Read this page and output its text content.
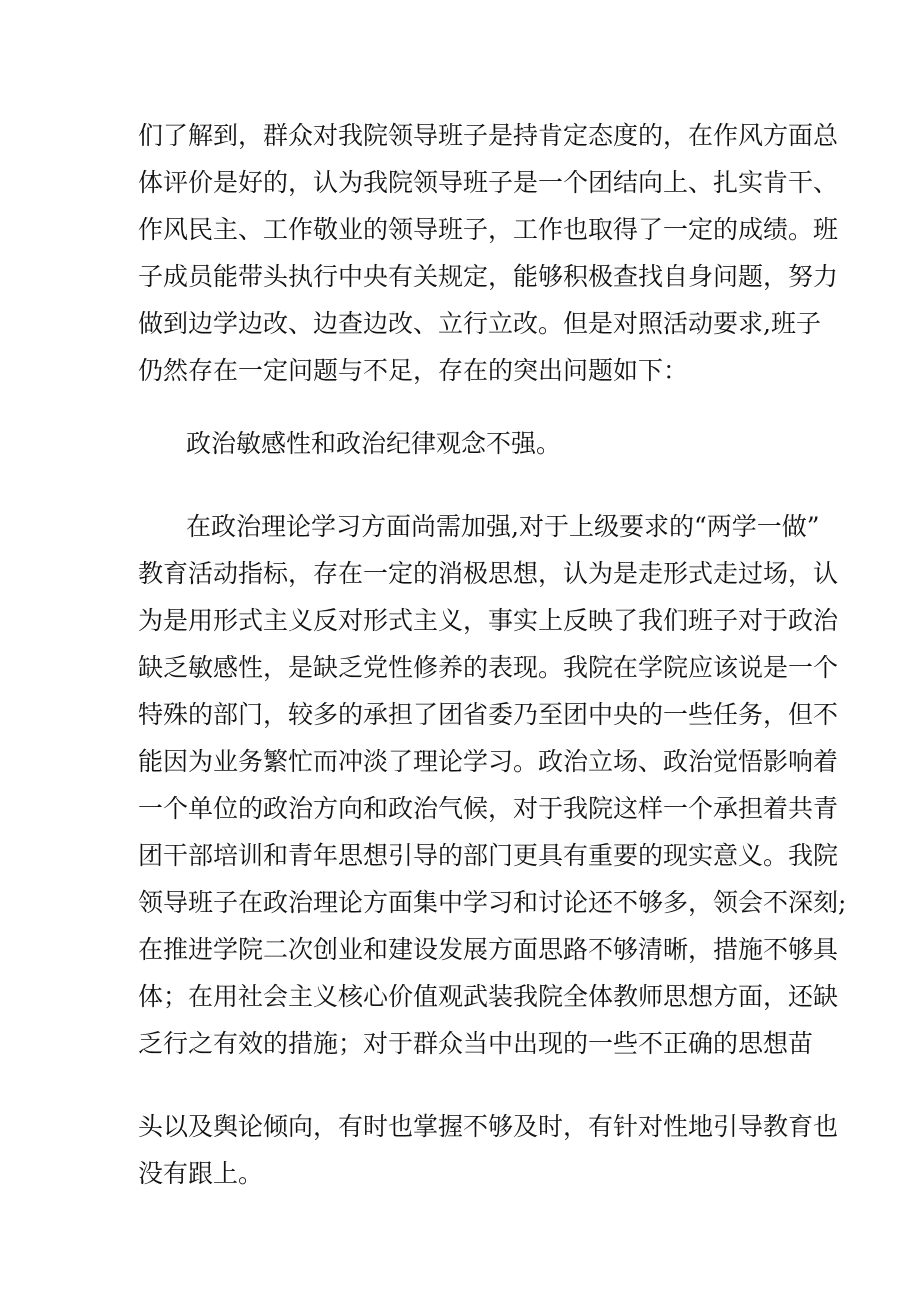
们了解到，群众对我院领导班子是持肯定态度的，在作风方面总
体评价是好的，认为我院领导班子是一个团结向上、扎实肯干、
作风民主、工作敬业的领导班子，工作也取得了一定的成绩。班
子成员能带头执行中央有关规定，能够积极查找自身问题，努力
做到边学边改、边查边改、立行立改。但是对照活动要求,班子
仍然存在一定问题与不足，存在的突出问题如下：
政治敏感性和政治纪律观念不强。
在政治理论学习方面尚需加强,对于上级要求的“两学一做”
教育活动指标，存在一定的消极思想，认为是走形式走过场，认
为是用形式主义反对形式主义，事实上反映了我们班子对于政治
缺乏敏感性，是缺乏党性修养的表现。我院在学院应该说是一个
特殊的部门，较多的承担了团省委乃至团中央的一些任务，但不
能因为业务繁忙而冲淡了理论学习。政治立场、政治觉悟影响着
一个单位的政治方向和政治气候，对于我院这样一个承担着共青
团干部培训和青年思想引导的部门更具有重要的现实意义。我院
领导班子在政治理论方面集中学习和讨论还不够多，领会不深刻;
在推进学院二次创业和建设发展方面思路不够清晰，措施不够具
体；在用社会主义核心价值观武装我院全体教师思想方面，还缺
乏行之有效的措施；对于群众当中出现的一些不正确的思想苗
头以及舆论倾向，有时也掌握不够及时，有针对性地引导教育也
没有跟上。
